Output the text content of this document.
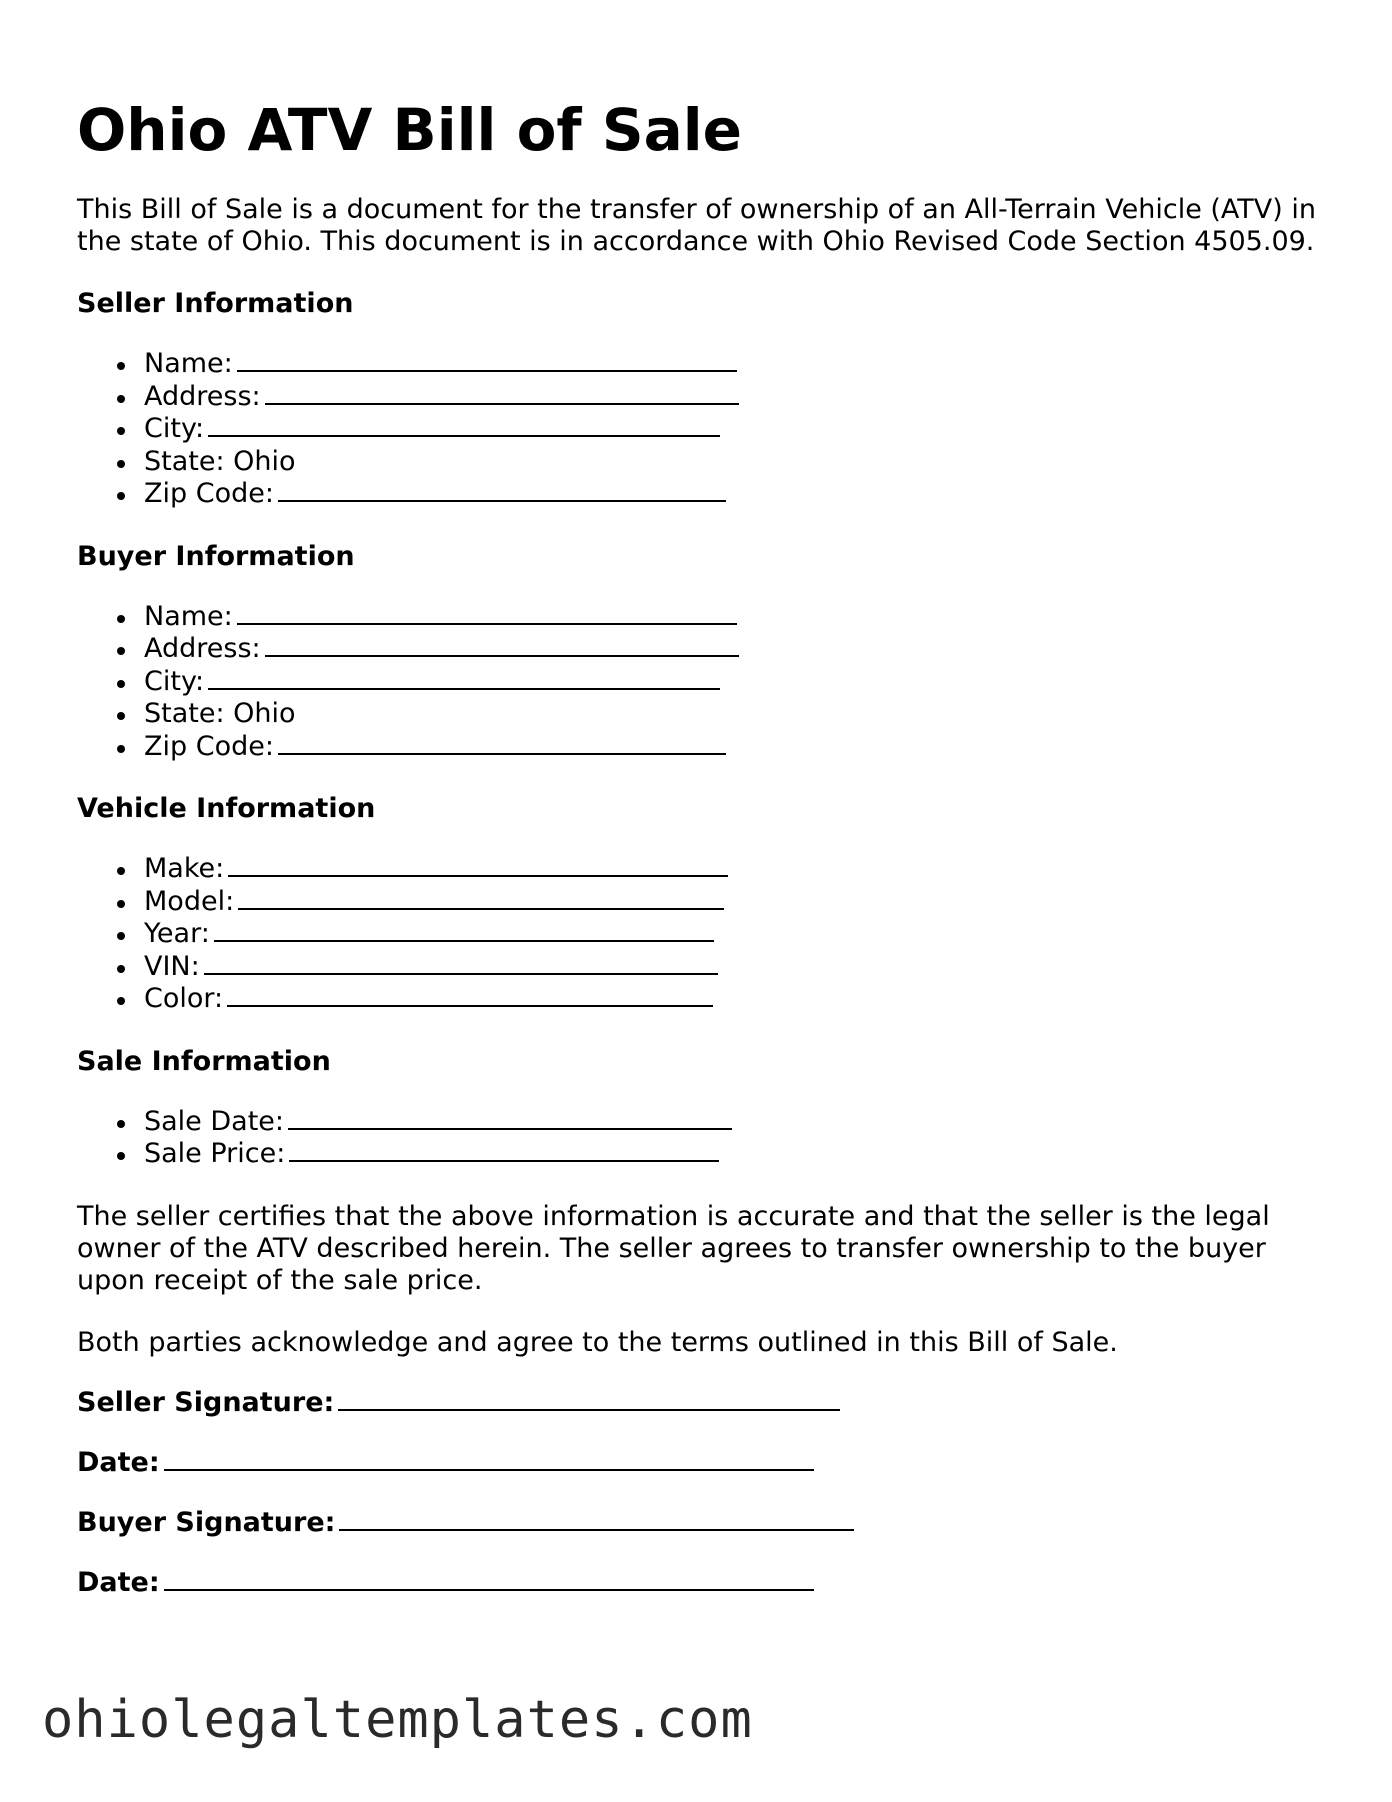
Ohio ATV Bill of Sale

This Bill of Sale is a document for the transfer of ownership of an All-Terrain Vehicle (ATV) in the state of Ohio. This document is in accordance with Ohio Revised Code Section 4505.09.

Seller Information
Name:
Address:
City:
State: Ohio
Zip Code:
Buyer Information
Name:
Address:
City:
State: Ohio
Zip Code:
Vehicle Information
Make:
Model:
Year:
VIN:
Color:
Sale Information
Sale Date:
Sale Price:

The seller certifies that the above information is accurate and that the seller is the legal owner of the ATV described herein. The seller agrees to transfer ownership to the buyer upon receipt of the sale price.

Both parties acknowledge and agree to the terms outlined in this Bill of Sale.

Seller Signature:
Date:
Buyer Signature:
Date:
ohiolegaltemplates.com
